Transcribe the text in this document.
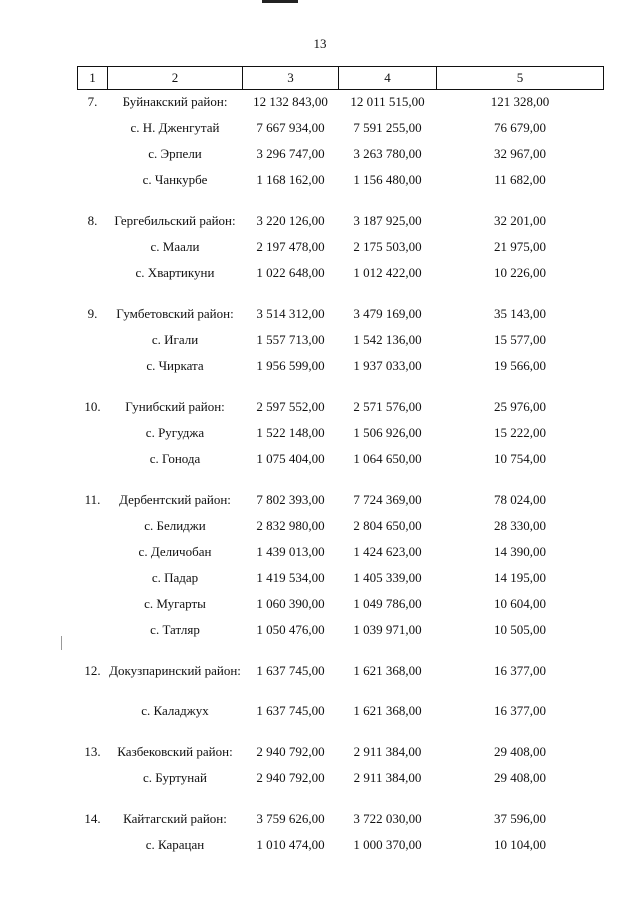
13
1	2	3	4	5
7.	Буйнакский район:	12 132 843,00	12 011 515,00	121 328,00
	с. Н. Дженгутай	7 667 934,00	7 591 255,00	76 679,00
	с. Эрпели	3 296 747,00	3 263 780,00	32 967,00
	с. Чанкурбе	1 168 162,00	1 156 480,00	11 682,00

8.	Гергебильский район:	3 220 126,00	3 187 925,00	32 201,00
	с. Маали	2 197 478,00	2 175 503,00	21 975,00
	с. Хвартикуни	1 022 648,00	1 012 422,00	10 226,00

9.	Гумбетовский район:	3 514 312,00	3 479 169,00	35 143,00
	с. Игали	1 557 713,00	1 542 136,00	15 577,00
	с. Чирката	1 956 599,00	1 937 033,00	19 566,00

10.	Гунибский район:	2 597 552,00	2 571 576,00	25 976,00
	с. Ругуджа	1 522 148,00	1 506 926,00	15 222,00
	с. Гонода	1 075 404,00	1 064 650,00	10 754,00

11.	Дербентский район:	7 802 393,00	7 724 369,00	78 024,00
	с. Белиджи	2 832 980,00	2 804 650,00	28 330,00
	с. Деличобан	1 439 013,00	1 424 623,00	14 390,00
	с. Падар	1 419 534,00	1 405 339,00	14 195,00
	с. Мугарты	1 060 390,00	1 049 786,00	10 604,00
	с. Татляр	1 050 476,00	1 039 971,00	10 505,00

12.	Докузпаринский район:	1 637 745,00	1 621 368,00	16 377,00
	с. Каладжух	1 637 745,00	1 621 368,00	16 377,00

13.	Казбековский район:	2 940 792,00	2 911 384,00	29 408,00
	с. Буртунай	2 940 792,00	2 911 384,00	29 408,00

14.	Кайтагский район:	3 759 626,00	3 722 030,00	37 596,00
	с. Карацан	1 010 474,00	1 000 370,00	10 104,00
